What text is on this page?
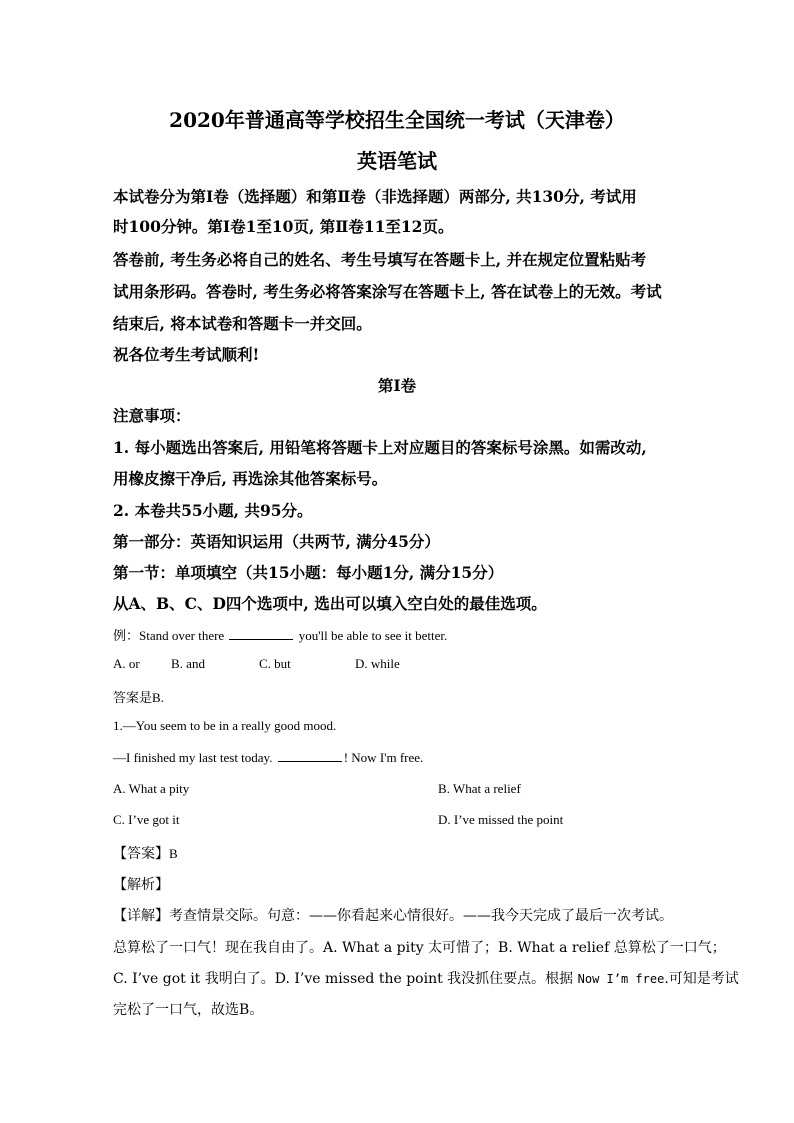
2020年普通高等学校招生全国统一考试（天津卷）
英语笔试
本试卷分为第Ⅰ卷（选择题）和第Ⅱ卷（非选择题）两部分, 共130分, 考试用
时100分钟。第Ⅰ卷1至10页, 第Ⅱ卷11至12页。
答卷前, 考生务必将自己的姓名、考生号填写在答题卡上, 并在规定位置粘贴考
试用条形码。答卷时, 考生务必将答案涂写在答题卡上, 答在试卷上的无效。考试
结束后, 将本试卷和答题卡一并交回。
祝各位考生考试顺利!
第Ⅰ卷
注意事项：
1. 每小题选出答案后, 用铅笔将答题卡上对应题目的答案标号涂黑。如需改动,
用橡皮擦干净后, 再选涂其他答案标号。
2. 本卷共55小题, 共95分。
第一部分：英语知识运用（共两节, 满分45分）
第一节：单项填空（共15小题：每小题1分, 满分15分）
从A、B、C、D四个选项中, 选出可以填入空白处的最佳选项。
例：Stand over there	you'll be able to see it better.
A. or B. and	C. but	D. while
答案是B.
1.—You seem to be in a really good mood.
—I finished my last test today.	! Now I'm free.
A. What a pity	B. What a relief
C. I’ve got it	D. I’ve missed the point
【答案】B
【解析】
【详解】考查情景交际。句意：——你看起来心情很好。——我今天完成了最后一次考试。
总算松了一口气！现在我自由了。A. What a pity 太可惜了；B. What a relief 总算松了一口气；
C. I’ve got it 我明白了。D. I’ve missed the point 我没抓住要点。根据 Now I’m free.可知是考试
完松了一口气，故选B。
